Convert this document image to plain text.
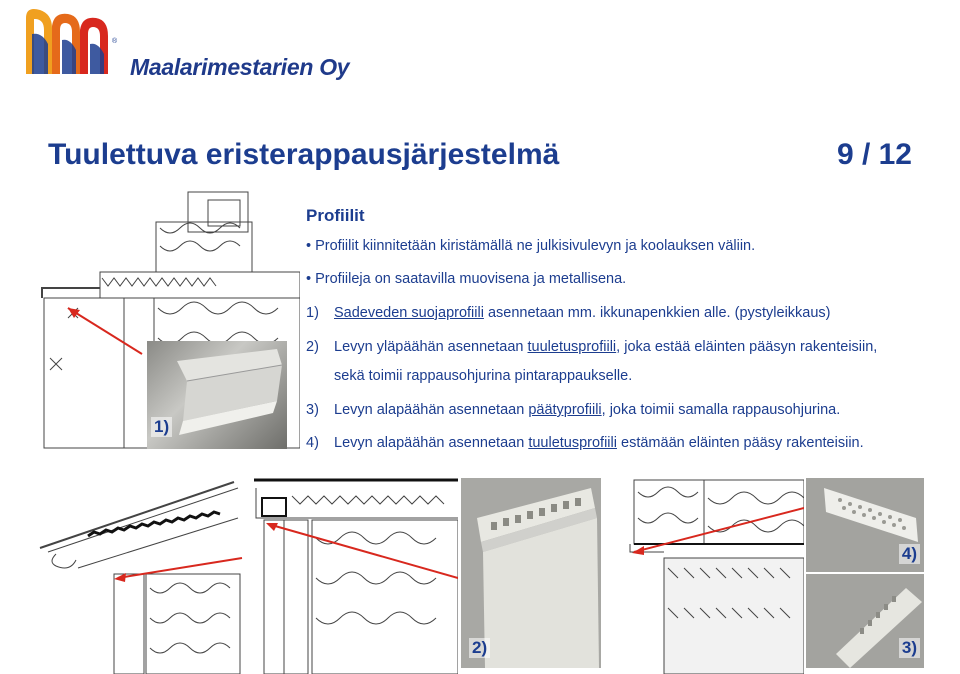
Maalarimestarien Oy
®
Tuulettuva eristerappausjärjestelmä	9 / 12
1)
Profiilit
• Profiilit kiinnitetään kiristämällä ne julkisivulevyn ja koolauksen väliin.
• Profiileja on saatavilla muovisena ja metallisena.
1) Sadeveden suojaprofiili asennetaan mm. ikkunapenkkien alle. (pystyleikkaus)
2) Levyn yläpäähän asennetaan tuuletusprofiili, joka estää eläinten pääsyn rakenteisiin,
sekä toimii rappausohjurina pintarappaukselle.
3) Levyn alapäähän asennetaan päätyprofiili, joka toimii samalla rappausohjurina.
4) Levyn alapäähän asennetaan tuuletusprofiili estämään eläinten pääsy rakenteisiin.
2)
4)
3)
